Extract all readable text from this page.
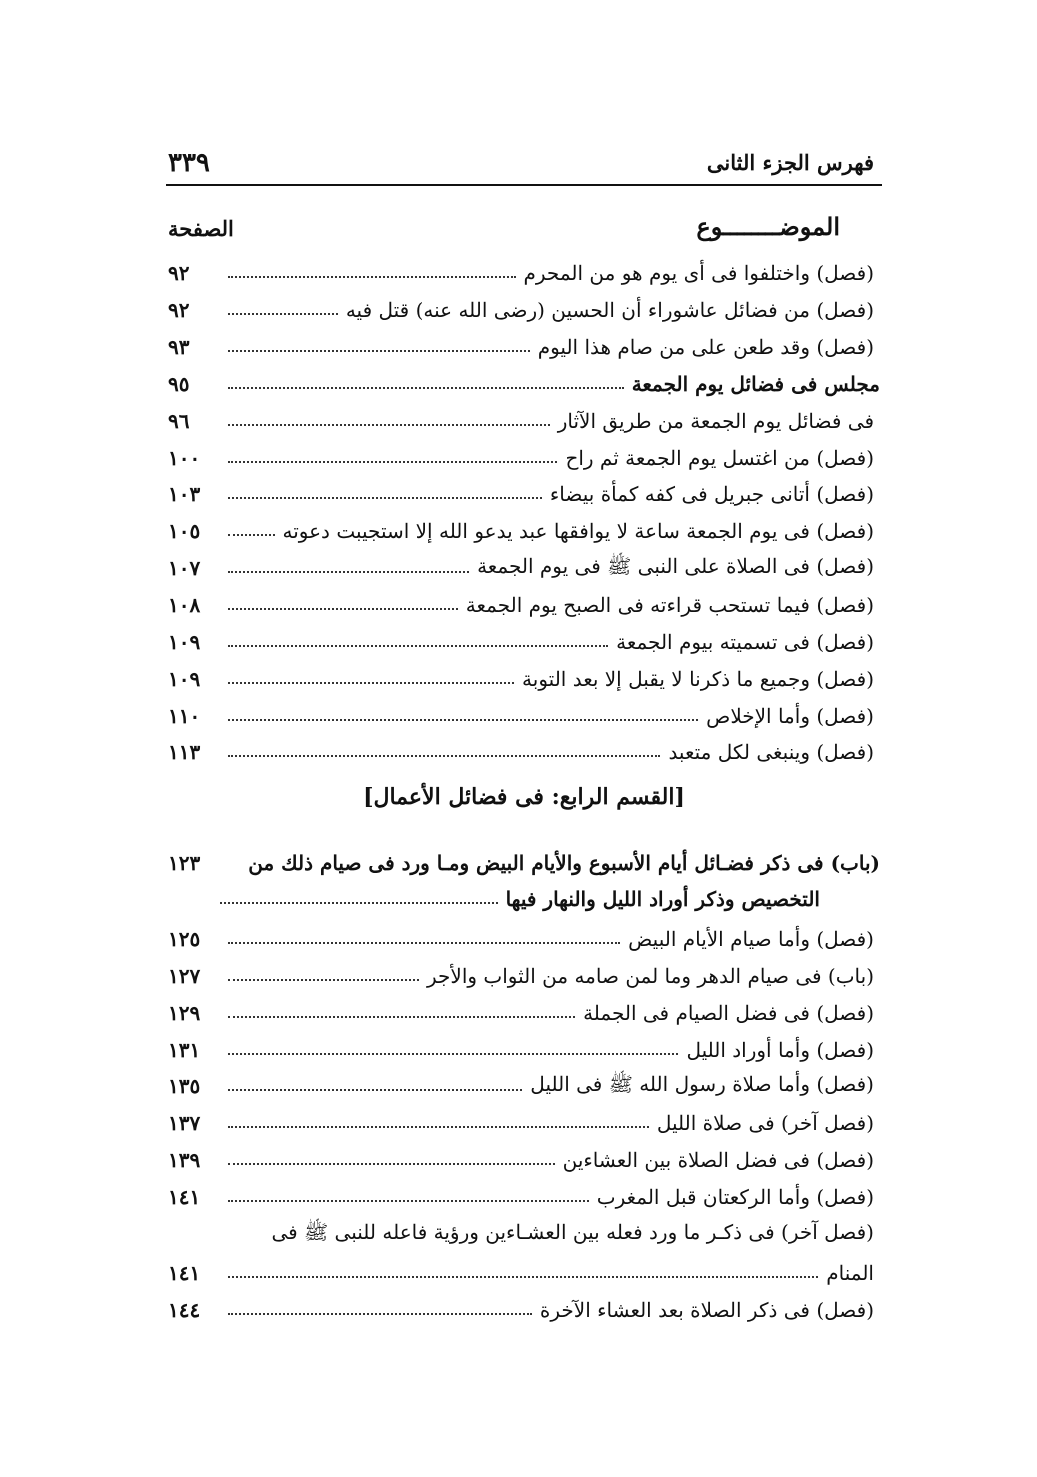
فهرس الجزء الثانى
٣٣٩
الموضــــــــوع
الصفحة
(فصل) واختلفوا فى أى يوم هو من المحرم
٩٢
(فصل) من فضائل عاشوراء أن الحسين (رضى الله عنه) قتل فيه
٩٢
(فصل) وقد طعن على من صام هذا اليوم
٩٣
مجلس فى فضائل يوم الجمعة
٩٥
فى فضائل يوم الجمعة من طريق الآثار
٩٦
(فصل) من اغتسل يوم الجمعة ثم راح
١٠٠
(فصل) أتانى جبريل فى كفه كمأة بيضاء
١٠٣
(فصل) فى يوم الجمعة ساعة لا يوافقها عبد يدعو الله إلا استجيبت دعوته
١٠٥
(فصل) فى الصلاة على النبى ﷺ فى يوم الجمعة
١٠٧
(فصل) فيما تستحب قراءته فى الصبح يوم الجمعة
١٠٨
(فصل) فى تسميته بيوم الجمعة
١٠٩
(فصل) وجميع ما ذكرنا لا يقبل إلا بعد التوبة
١٠٩
(فصل) وأما الإخلاص
١١٠
(فصل) وينبغى لكل متعبد
١١٣
[القسم الرابع: فى فضائل الأعمال]
(باب) فى ذكر فضـائل أيام الأسبوع والأيام البيض ومـا ورد فى صيام ذلك من
١٢٣
التخصيص وذكر أوراد الليل والنهار فيها
(فصل) وأما صيام الأيام البيض
١٢٥
(باب) فى صيام الدهر وما لمن صامه من الثواب والأجر
١٢٧
(فصل) فى فضل الصيام فى الجملة
١٢٩
(فصل) وأما أوراد الليل
١٣١
(فصل) وأما صلاة رسول الله ﷺ فى الليل
١٣٥
(فصل آخر) فى صلاة الليل
١٣٧
(فصل) فى فضل الصلاة بين العشاءين
١٣٩
(فصل) وأما الركعتان قبل المغرب
١٤١
(فصل آخر) فى ذكـر ما ورد فعله بين العشـاءين ورؤية فاعله للنبى ﷺ فى
المنام
١٤١
(فصل) فى ذكر الصلاة بعد العشاء الآخرة
١٤٤
